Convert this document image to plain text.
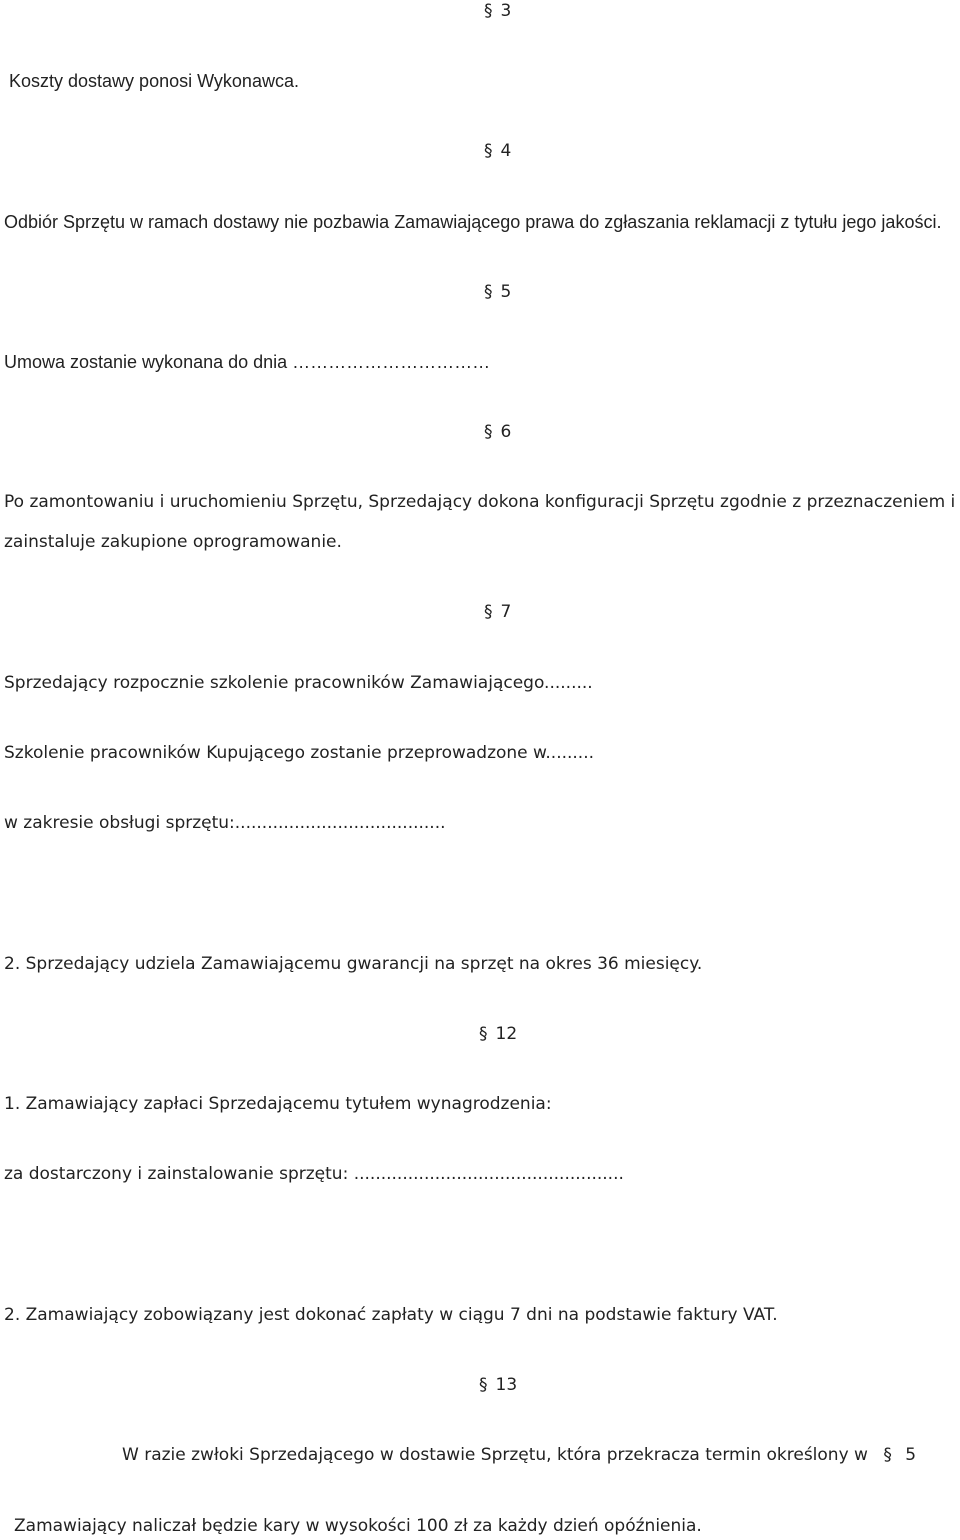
§ 3
Koszty dostawy ponosi Wykonawca.
§ 4
Odbiór Sprzętu w ramach dostawy nie pozbawia Zamawiającego prawa do zgłaszania reklamacji z tytułu jego jakości.
§ 5
Umowa zostanie wykonana do dnia ……………………………
§ 6
Po zamontowaniu i uruchomieniu Sprzętu, Sprzedający dokona konfiguracji Sprzętu zgodnie z przeznaczeniem i
zainstaluje zakupione oprogramowanie.
§ 7
Sprzedający rozpocznie szkolenie pracowników Zamawiającego.........
Szkolenie pracowników Kupującego zostanie przeprowadzone w.........
w zakresie obsługi sprzętu:.......................................
2. Sprzedający udziela Zamawiającemu gwarancji na sprzęt na okres 36 miesięcy.
§ 12
1. Zamawiający zapłaci Sprzedającemu tytułem wynagrodzenia:
za dostarczony i zainstalowanie sprzętu: ..................................................
2. Zamawiający zobowiązany jest dokonać zapłaty w ciągu 7 dni na podstawie faktury VAT.
§ 13
W razie zwłoki Sprzedającego w dostawie Sprzętu, która przekracza termin określony w § 5
Zamawiający naliczał będzie kary w wysokości 100 zł za każdy dzień opóźnienia.
